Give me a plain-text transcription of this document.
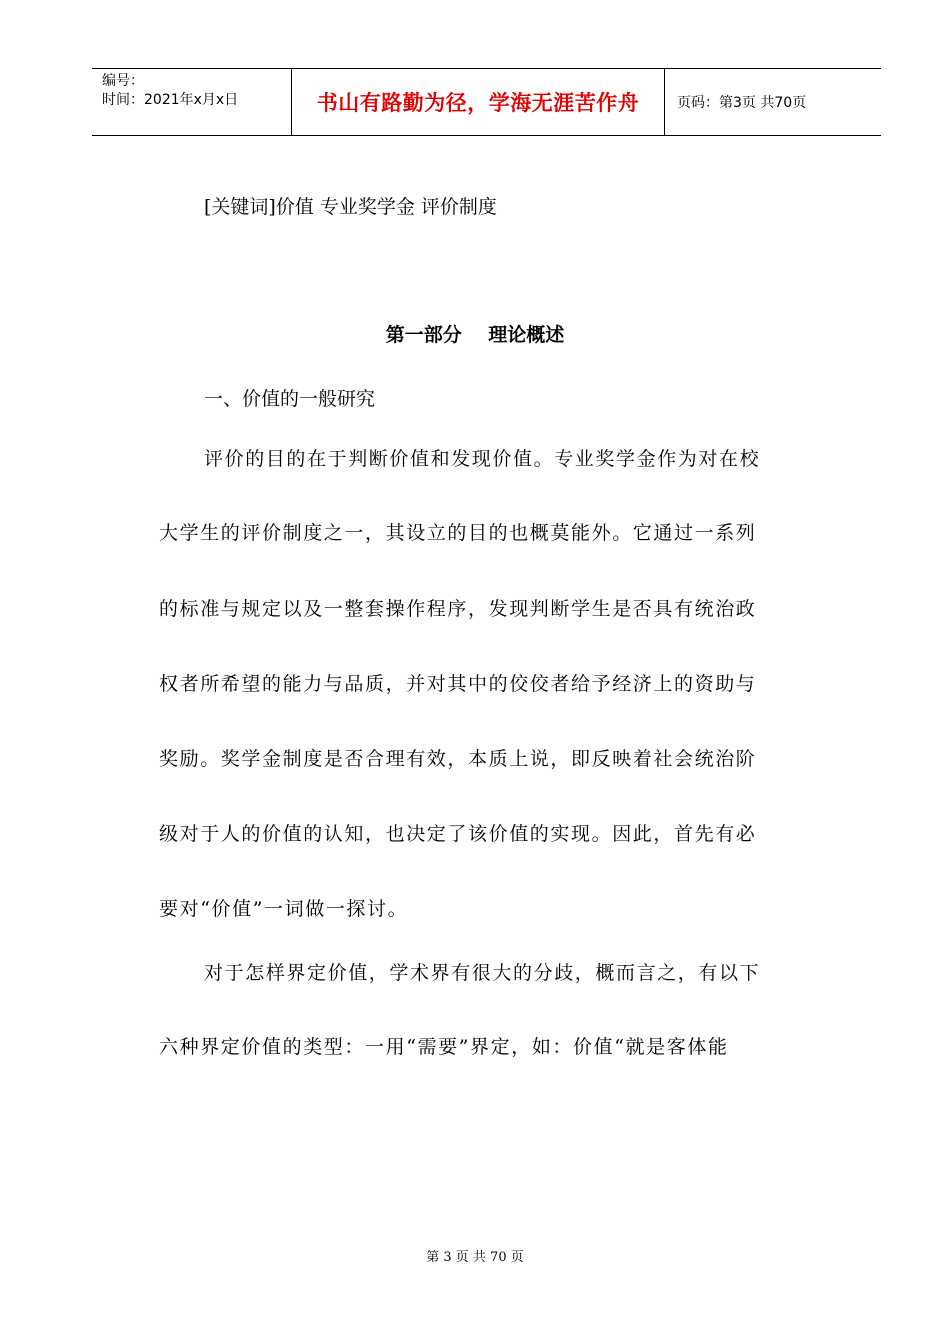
编号：
时间：2021年x月x日	书山有路勤为径，学海无涯苦作舟	页码：第3页 共70页
[关键词]价值 专业奖学金 评价制度
第一部分    理论概述
一、价值的一般研究
评价的目的在于判断价值和发现价值。专业奖学金作为对在校
大学生的评价制度之一，其设立的目的也概莫能外。它通过一系列
的标准与规定以及一整套操作程序，发现判断学生是否具有统治政
权者所希望的能力与品质，并对其中的佼佼者给予经济上的资助与
奖励。奖学金制度是否合理有效，本质上说，即反映着社会统治阶
级对于人的价值的认知，也决定了该价值的实现。因此，首先有必
要对“价值”一词做一探讨。
对于怎样界定价值，学术界有很大的分歧，概而言之，有以下
六种界定价值的类型：一用“需要”界定，如：价值“就是客体能
第 3 页 共 70 页
